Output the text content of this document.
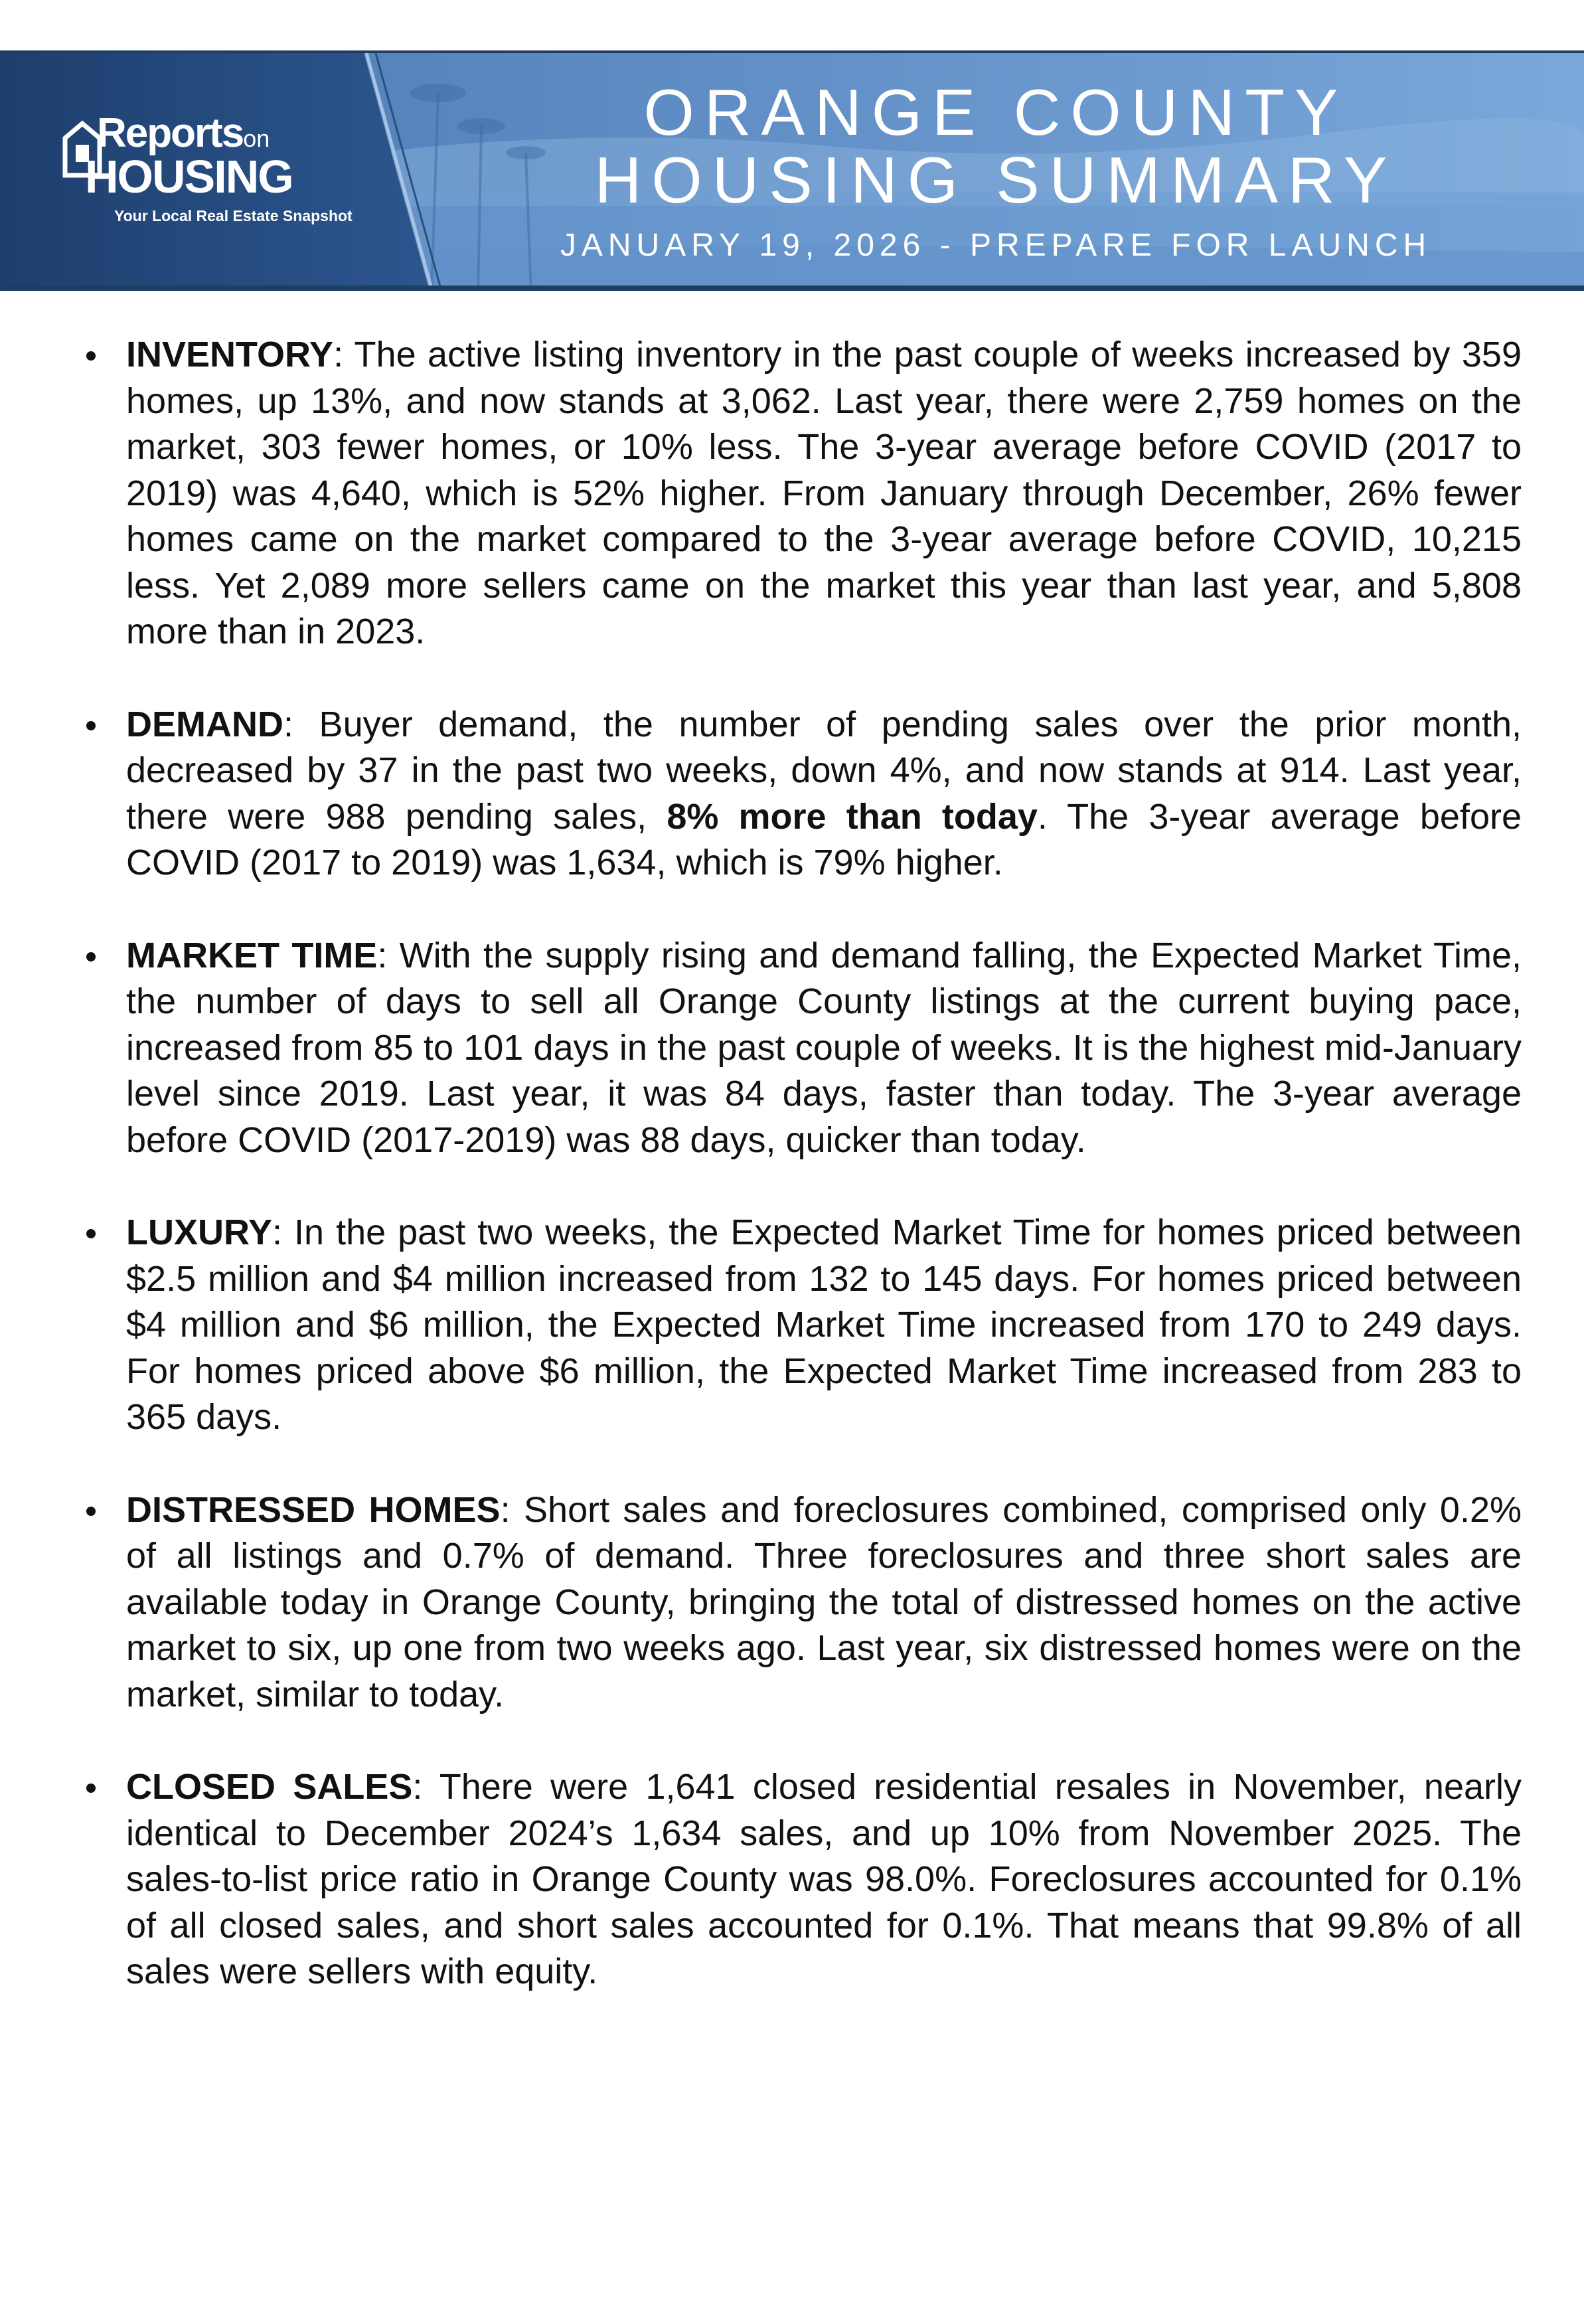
Reportson
HOUSING
Your Local Real Estate Snapshot
ORANGE COUNTY
HOUSING SUMMARY
JANUARY 19, 2026 - PREPARE FOR LAUNCH
INVENTORY: The active listing inventory in the past couple of weeks increased by 359 homes, up 13%, and now stands at 3,062. Last year, there were 2,759 homes on the market, 303 fewer homes, or 10% less. The 3-year average before COVID (2017 to 2019) was 4,640, which is 52% higher. From January through December, 26% fewer homes came on the market compared to the 3-year average before COVID, 10,215 less. Yet 2,089 more sellers came on the market this year than last year, and 5,808 more than in 2023.
DEMAND: Buyer demand, the number of pending sales over the prior month, decreased by 37 in the past two weeks, down 4%, and now stands at 914. Last year, there were 988 pending sales, 8% more than today. The 3-year average before COVID (2017 to 2019) was 1,634, which is 79% higher.
MARKET TIME: With the supply rising and demand falling, the Expected Market Time, the number of days to sell all Orange County listings at the current buying pace, increased from 85 to 101 days in the past couple of weeks. It is the highest mid-January level since 2019. Last year, it was 84 days, faster than today. The 3-year average before COVID (2017-2019) was 88 days, quicker than today.
LUXURY: In the past two weeks, the Expected Market Time for homes priced between $2.5 million and $4 million increased from 132 to 145 days. For homes priced between $4 million and $6 million, the Expected Market Time increased from 170 to 249 days. For homes priced above $6 million, the Expected Market Time increased from 283 to 365 days.
DISTRESSED HOMES: Short sales and foreclosures combined, comprised only 0.2% of all listings and 0.7% of demand. Three foreclosures and three short sales are available today in Orange County, bringing the total of distressed homes on the active market to six, up one from two weeks ago. Last year, six distressed homes were on the market, similar to today.
CLOSED SALES: There were 1,641 closed residential resales in November, nearly identical to December 2024’s 1,634 sales, and up 10% from November 2025. The sales-to-list price ratio in Orange County was 98.0%. Foreclosures accounted for 0.1% of all closed sales, and short sales accounted for 0.1%. That means that 99.8% of all sales were sellers with equity.
